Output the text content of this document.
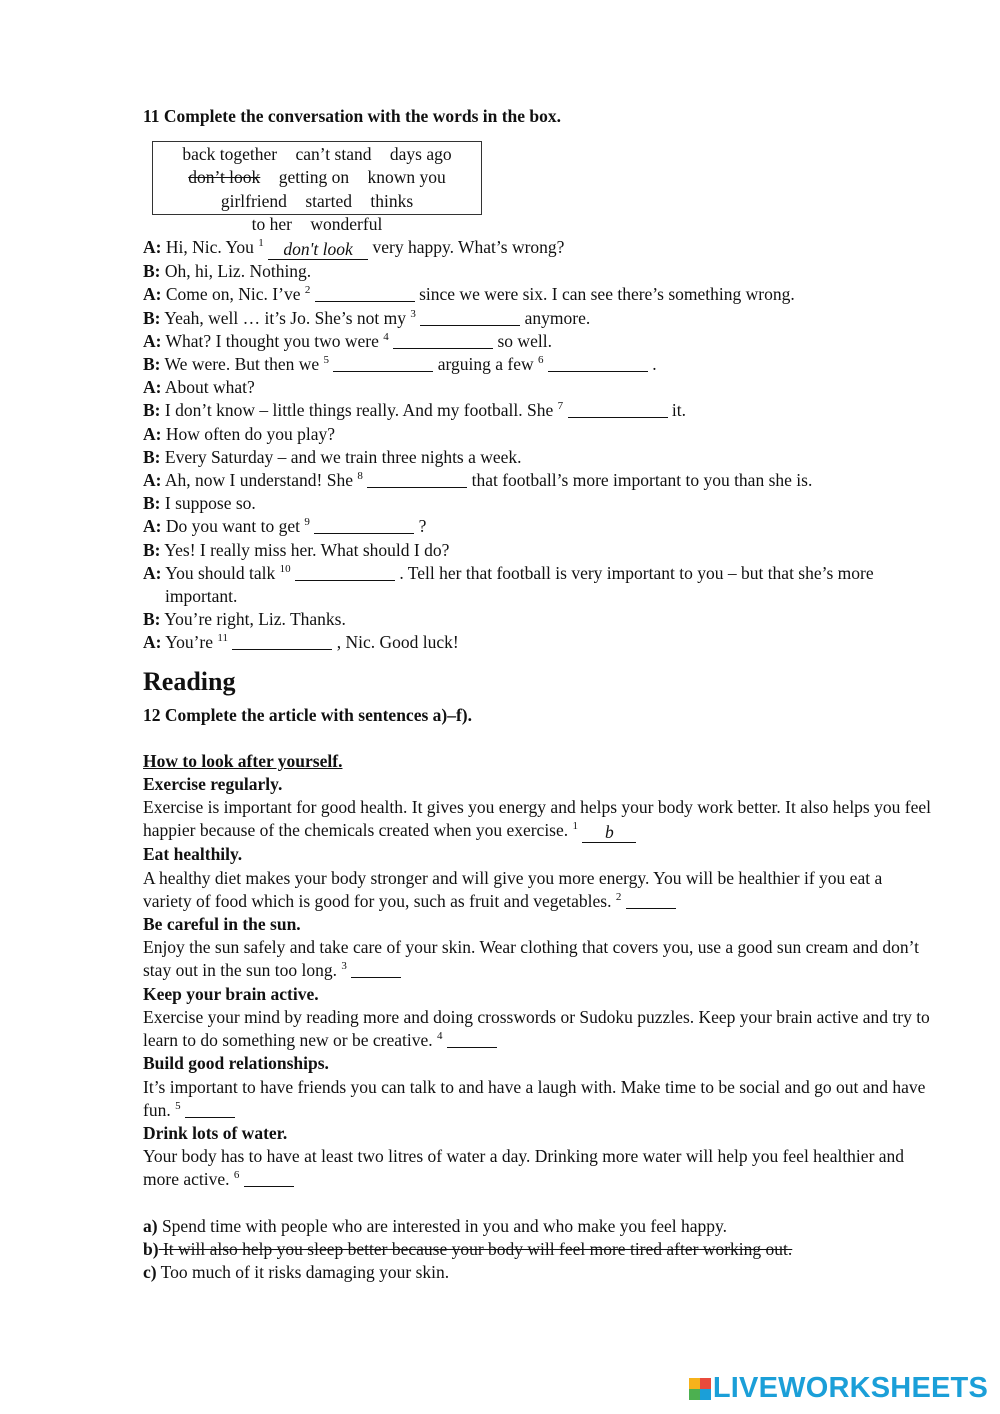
11 Complete the conversation with the words in the box.

back together can’t stand days ago
don’t look getting on known you
girlfriend started thinks
to her wonderful
A: Hi, Nic. You $^1$ don't look very happy. What’s wrong?
B: Oh, hi, Liz. Nothing.
A: Come on, Nic. I’ve $^2$	since we were six. I can see there’s something wrong.
B: Yeah, well … it’s Jo. She’s not my $^3$	anymore.
A: What? I thought you two were $^4$	so well.
B: We were. But then we $^5$	arguing a few $^6$	.
A: About what?
B: I don’t know – little things really. And my football. She $^7$	it.
A: How often do you play?
B: Every Saturday – and we train three nights a week.
A: Ah, now I understand! She $^8$	that football’s more important to you than she is.
B: I suppose so.
A: Do you want to get $^9$	?
B: Yes! I really miss her. What should I do?
A: You should talk $^{10}$	. Tell her that football is very important to you – but that she’s more important.
B: You’re right, Liz. Thanks.
A: You’re $^{11}$	, Nic. Good luck!
Reading

12 Complete the article with sentences a)–f).

How to look after yourself.
Exercise regularly.
Exercise is important for good health. It gives you energy and helps your body work better. It also helps you feel happier because of the chemicals created when you exercise. $^1$ b
Eat healthily.
A healthy diet makes your body stronger and will give you more energy. You will be healthier if you eat a variety of food which is good for you, such as fruit and vegetables. $^2$
Be careful in the sun.
Enjoy the sun safely and take care of your skin. Wear clothing that covers you, use a good sun cream and don’t stay out in the sun too long. $^3$
Keep your brain active.
Exercise your mind by reading more and doing crosswords or Sudoku puzzles. Keep your brain active and try to learn to do something new or be creative. $^4$
Build good relationships.
It’s important to have friends you can talk to and have a laugh with. Make time to be social and go out and have fun. $^5$
Drink lots of water.
Your body has to have at least two litres of water a day. Drinking more water will help you feel healthier and more active. $^6$
a) Spend time with people who are interested in you and who make you feel happy.
b) It will also help you sleep better because your body will feel more tired after working out.
c) Too much of it risks damaging your skin.
LIVEWORKSHEETS
